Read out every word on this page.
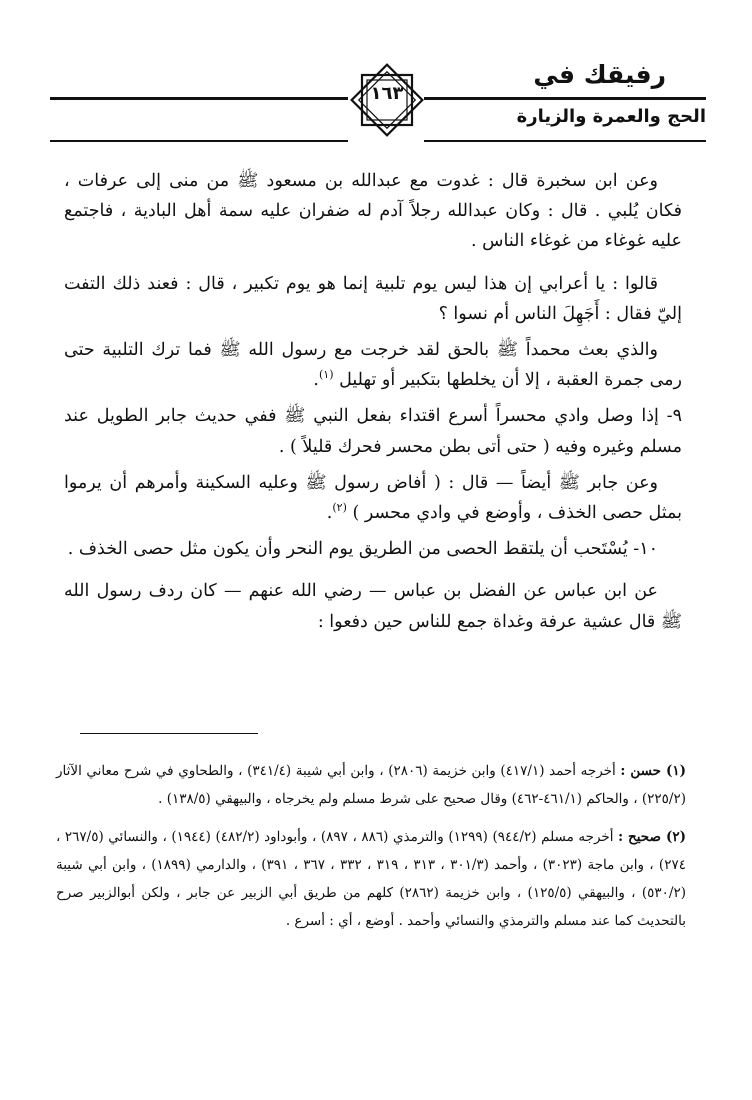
رفيقك في
الحج والعمرة والزيارة
١٦٣

وعن ابن سخبرة قال : غدوت مع عبدالله بن مسعود ﷺ من منى إلى عرفات ، فكان يُلبي . قال : وكان عبدالله رجلاً آدم له ضفران عليه سمة أهل البادية ، فاجتمع عليه غوغاء من غوغاء الناس .

قالوا : يا أعرابي إن هذا ليس يوم تلبية إنما هو يوم تكبير ، قال : فعند ذلك التفت إليّ فقال : أَجَهِلَ الناس أم نسوا ؟

والذي بعث محمداً ﷺ بالحق لقد خرجت مع رسول الله ﷺ فما ترك التلبية حتى رمى جمرة العقبة ، إلا أن يخلطها بتكبير أو تهليل $^{(١)}$.

٩- إذا وصل وادي محسراً أسرع اقتداء بفعل النبي ﷺ ففي حديث جابر الطويل عند مسلم وغيره وفيه ( حتى أتى بطن محسر فحرك قليلاً ) .

وعن جابر ﷺ أيضاً — قال : ( أفاض رسول ﷺ وعليه السكينة وأمرهم أن يرموا بمثل حصى الخذف ، وأوضع في وادي محسر ) $^{(٢)}$.

١٠- يُسْتَحب أن يلتقط الحصى من الطريق يوم النحر وأن يكون مثل حصى الخذف .

عن ابن عباس عن الفضل بن عباس — رضي الله عنهم — كان ردف رسول الله ﷺ قال عشية عرفة وغداة جمع للناس حين دفعوا :

(١) حسن : أخرجه أحمد (٤١٧/١) وابن خزيمة (٢٨٠٦) ، وابن أبي شيبة (٣٤١/٤) ، والطحاوي في شرح معاني الآثار (٢٢٥/٢) ، والحاكم (٤٦١/١-٤٦٢) وقال صحيح على شرط مسلم ولم يخرجاه ، والبيهقي (١٣٨/٥) .

(٢) صحيح : أخرجه مسلم (٩٤٤/٢) (١٢٩٩) والترمذي (٨٨٦ ، ٨٩٧) ، وأبوداود (٤٨٢/٢) (١٩٤٤) ، والنسائي (٢٦٧/٥ ، ٢٧٤) ، وابن ماجة (٣٠٢٣) ، وأحمد (٣٠١/٣ ، ٣١٣ ، ٣١٩ ، ٣٣٢ ، ٣٦٧ ، ٣٩١) ، والدارمي (١٨٩٩) ، وابن أبي شيبة (٥٣٠/٢) ، والبيهقي (١٢٥/٥) ، وابن خزيمة (٢٨٦٢) كلهم من طريق أبي الزبير عن جابر ، ولكن أبوالزبير صرح بالتحديث كما عند مسلم والترمذي والنسائي وأحمد . أوضع ، أي : أسرع .
